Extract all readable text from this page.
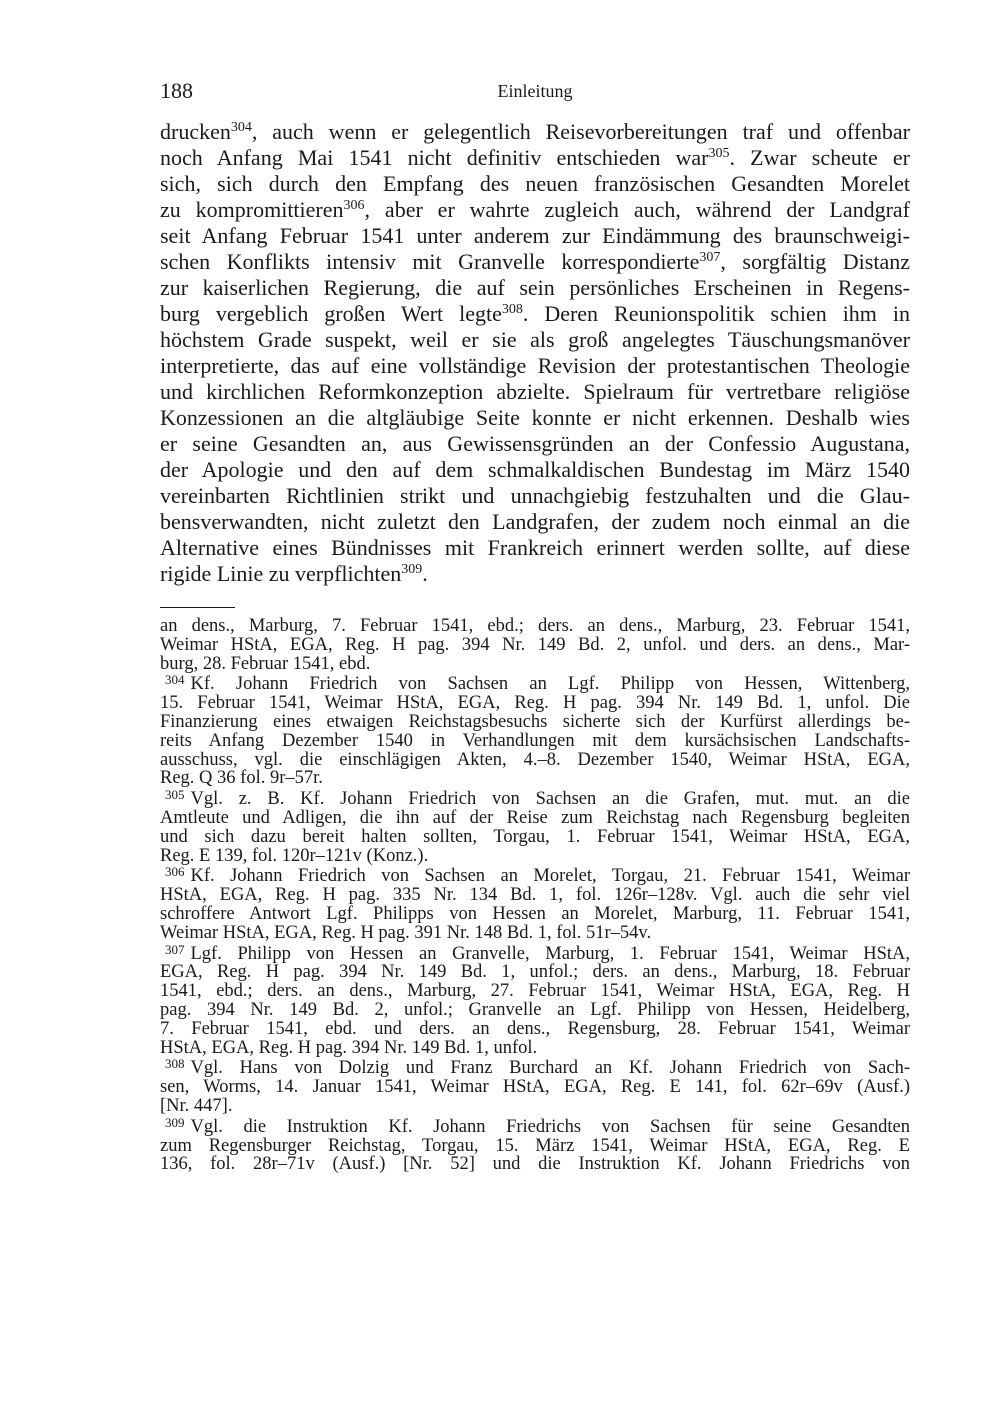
188	Einleitung
drucken$^{304}$, auch wenn er gelegentlich Reisevorbereitungen traf und offenbar
noch Anfang Mai 1541 nicht definitiv entschieden war$^{305}$. Zwar scheute er
sich, sich durch den Empfang des neuen französischen Gesandten Morelet
zu kompromittieren$^{306}$, aber er wahrte zugleich auch, während der Landgraf
seit Anfang Februar 1541 unter anderem zur Eindämmung des braunschweigi-
schen Konflikts intensiv mit Granvelle korrespondierte$^{307}$, sorgfältig Distanz
zur kaiserlichen Regierung, die auf sein persönliches Erscheinen in Regens-
burg vergeblich großen Wert legte$^{308}$. Deren Reunionspolitik schien ihm in
höchstem Grade suspekt, weil er sie als groß angelegtes Täuschungsmanöver
interpretierte, das auf eine vollständige Revision der protestantischen Theologie
und kirchlichen Reformkonzeption abzielte. Spielraum für vertretbare religiöse
Konzessionen an die altgläubige Seite konnte er nicht erkennen. Deshalb wies
er seine Gesandten an, aus Gewissensgründen an der Confessio Augustana,
der Apologie und den auf dem schmalkaldischen Bundestag im März 1540
vereinbarten Richtlinien strikt und unnachgiebig festzuhalten und die Glau-
bensverwandten, nicht zuletzt den Landgrafen, der zudem noch einmal an die
Alternative eines Bündnisses mit Frankreich erinnert werden sollte, auf diese
rigide Linie zu verpflichten$^{309}$.
an dens., Marburg, 7. Februar 1541, ebd.; ders. an dens., Marburg, 23. Februar 1541,
Weimar HStA, EGA, Reg. H pag. 394 Nr. 149 Bd. 2, unfol. und ders. an dens., Mar-
burg, 28. Februar 1541, ebd.
$^{304}$ Kf. Johann Friedrich von Sachsen an Lgf. Philipp von Hessen, Wittenberg,
15. Februar 1541, Weimar HStA, EGA, Reg. H pag. 394 Nr. 149 Bd. 1, unfol. Die
Finanzierung eines etwaigen Reichstagsbesuchs sicherte sich der Kurfürst allerdings be-
reits Anfang Dezember 1540 in Verhandlungen mit dem kursächsischen Landschafts-
ausschuss, vgl. die einschlägigen Akten, 4.–8. Dezember 1540, Weimar HStA, EGA,
Reg. Q 36 fol. 9r–57r.
$^{305}$ Vgl. z. B. Kf. Johann Friedrich von Sachsen an die Grafen, mut. mut. an die
Amtleute und Adligen, die ihn auf der Reise zum Reichstag nach Regensburg begleiten
und sich dazu bereit halten sollten, Torgau, 1. Februar 1541, Weimar HStA, EGA,
Reg. E 139, fol. 120r–121v (Konz.).
$^{306}$ Kf. Johann Friedrich von Sachsen an Morelet, Torgau, 21. Februar 1541, Weimar
HStA, EGA, Reg. H pag. 335 Nr. 134 Bd. 1, fol. 126r–128v. Vgl. auch die sehr viel
schroffere Antwort Lgf. Philipps von Hessen an Morelet, Marburg, 11. Februar 1541,
Weimar HStA, EGA, Reg. H pag. 391 Nr. 148 Bd. 1, fol. 51r–54v.
$^{307}$ Lgf. Philipp von Hessen an Granvelle, Marburg, 1. Februar 1541, Weimar HStA,
EGA, Reg. H pag. 394 Nr. 149 Bd. 1, unfol.; ders. an dens., Marburg, 18. Februar
1541, ebd.; ders. an dens., Marburg, 27. Februar 1541, Weimar HStA, EGA, Reg. H
pag. 394 Nr. 149 Bd. 2, unfol.; Granvelle an Lgf. Philipp von Hessen, Heidelberg,
7. Februar 1541, ebd. und ders. an dens., Regensburg, 28. Februar 1541, Weimar
HStA, EGA, Reg. H pag. 394 Nr. 149 Bd. 1, unfol.
$^{308}$ Vgl. Hans von Dolzig und Franz Burchard an Kf. Johann Friedrich von Sach-
sen, Worms, 14. Januar 1541, Weimar HStA, EGA, Reg. E 141, fol. 62r–69v (Ausf.)
[Nr. 447].
$^{309}$ Vgl. die Instruktion Kf. Johann Friedrichs von Sachsen für seine Gesandten
zum Regensburger Reichstag, Torgau, 15. März 1541, Weimar HStA, EGA, Reg. E
136, fol. 28r–71v (Ausf.) [Nr. 52] und die Instruktion Kf. Johann Friedrichs von
